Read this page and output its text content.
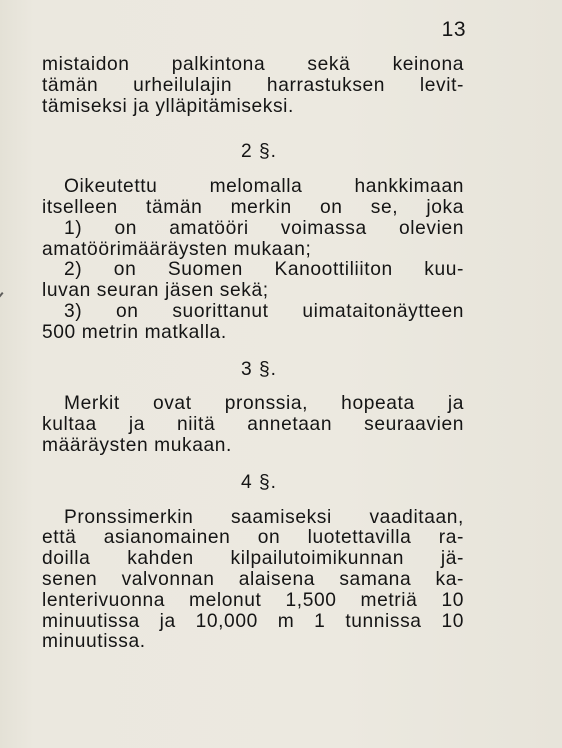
13
mistaidon palkintona sekä keinona
tämän urheilulajin harrastuksen levit-
tämiseksi ja ylläpitämiseksi.
2 §.
Oikeutettu melomalla hankkimaan
itselleen tämän merkin on se, joka
1) on amatööri voimassa olevien
amatöörimääräysten mukaan;
2) on Suomen Kanoottiliiton kuu-
luvan seuran jäsen sekä;
3) on suorittanut uimataitonäytteen
500 metrin matkalla.
3 §.
Merkit ovat pronssia, hopeata ja
kultaa ja niitä annetaan seuraavien
määräysten mukaan.
4 §.
Pronssimerkin saamiseksi vaaditaan,
että asianomainen on luotettavilla ra-
doilla kahden kilpailutoimikunnan jä-
senen valvonnan alaisena samana ka-
lenterivuonna melonut 1,500 metriä 10
minuutissa ja 10,000 m 1 tunnissa 10
minuutissa.
